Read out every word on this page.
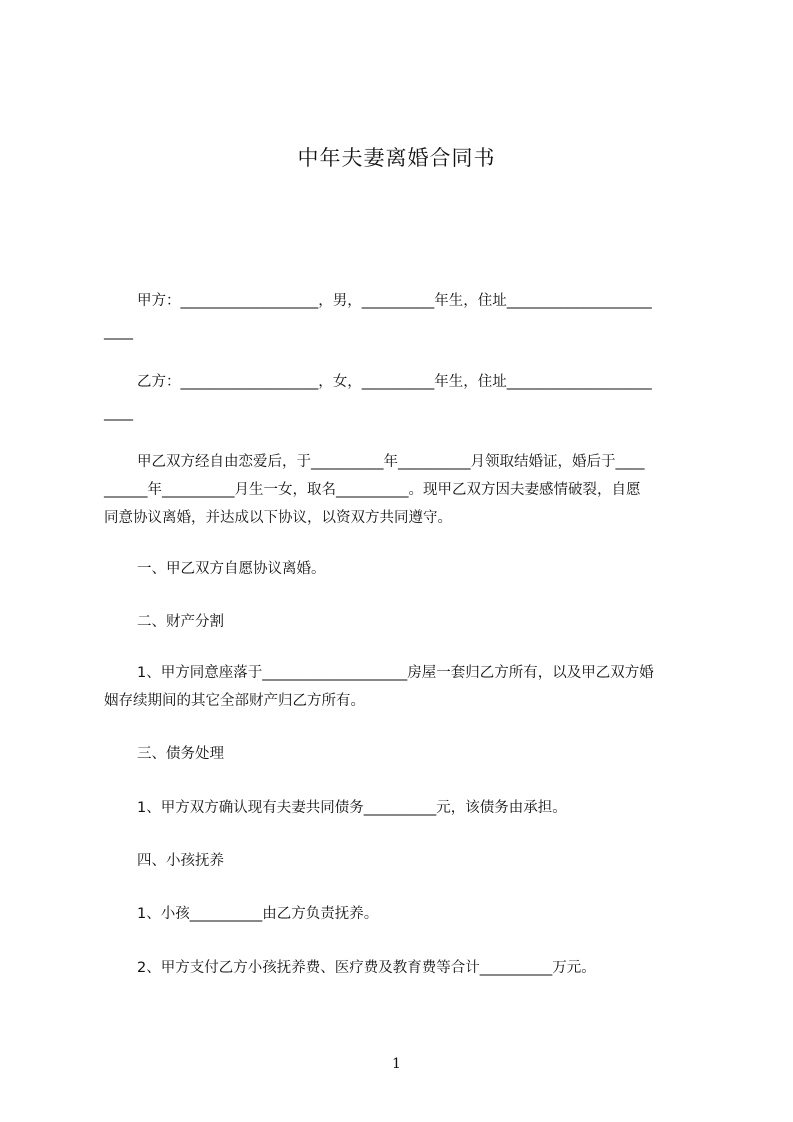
中年夫妻离婚合同书
甲方：___________________，男，__________年生，住址____________________
____
乙方：___________________，女，__________年生，住址____________________
____
甲乙双方经自由恋爱后，于__________年__________月领取结婚证，婚后于____
______年__________月生一女，取名__________。现甲乙双方因夫妻感情破裂，自愿
同意协议离婚，并达成以下协议，以资双方共同遵守。
一、甲乙双方自愿协议离婚。
二、财产分割
1、甲方同意座落于____________________房屋一套归乙方所有，以及甲乙双方婚
姻存续期间的其它全部财产归乙方所有。
三、债务处理
1、甲方双方确认现有夫妻共同债务__________元，该债务由承担。
四、小孩抚养
1、小孩__________由乙方负责抚养。
2、甲方支付乙方小孩抚养费、医疗费及教育费等合计__________万元。
1
